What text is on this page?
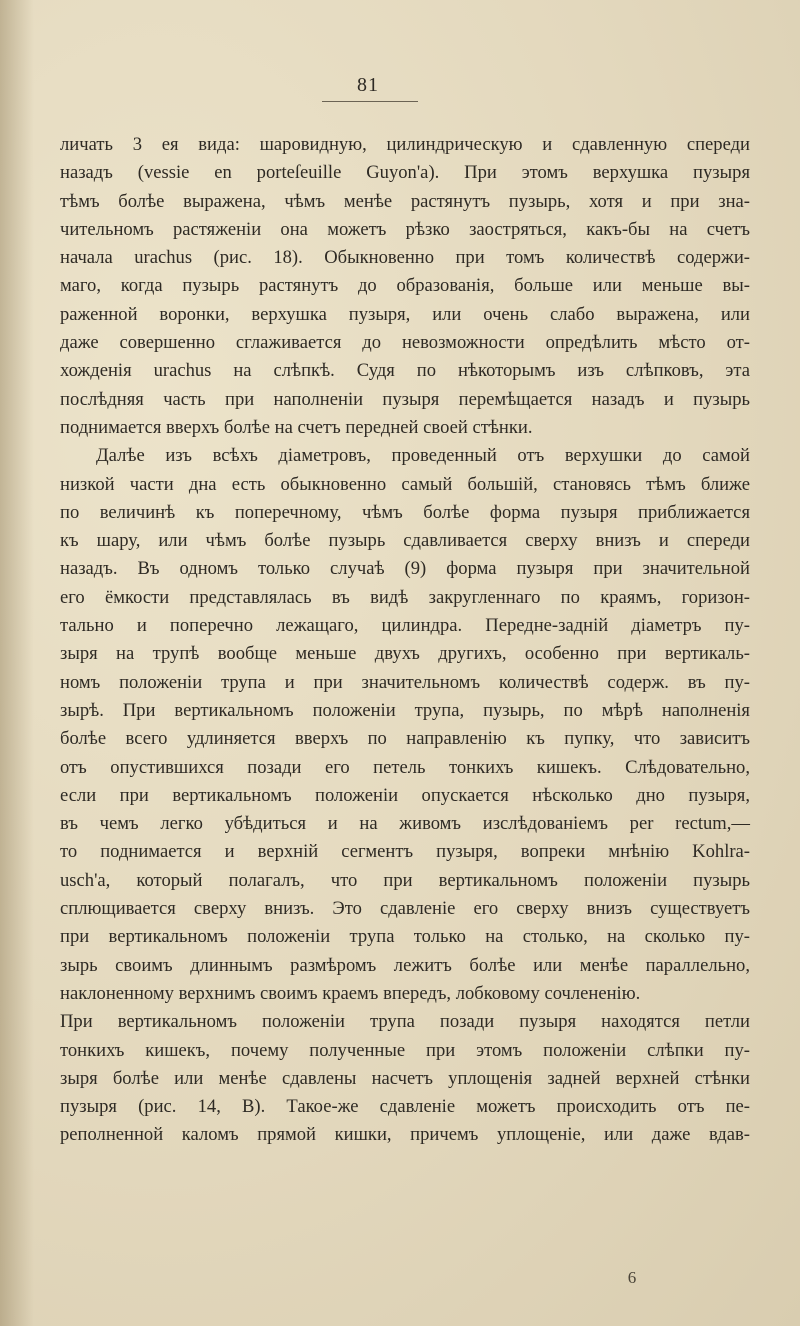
81
личать 3 ея вида: шаровидную, цилиндрическую и сдавленную спереди
назадъ (vessie en porteſeuille Guyon'a). При этомъ верхушка пузыря
тѣмъ болѣе выражена, чѣмъ менѣе растянутъ пузырь, хотя и при зна-
чительномъ растяженіи она можетъ рѣзко заостряться, какъ-бы на счетъ
начала urachus (рис. 18). Обыкновенно при томъ количествѣ содержи-
маго, когда пузырь растянутъ до образованія, больше или меньше вы-
раженной воронки, верхушка пузыря, или очень слабо выражена, или
даже совершенно сглаживается до невозможности опредѣлить мѣсто от-
хожденія urachus на слѣпкѣ. Судя по нѣкоторымъ изъ слѣпковъ, эта
послѣдняя часть при наполненіи пузыря перемѣщается назадъ и пузырь
поднимается вверхъ болѣе на счетъ передней своей стѣнки.
Далѣе изъ всѣхъ діаметровъ, проведенный отъ верхушки до самой
низкой части дна есть обыкновенно самый большій, становясь тѣмъ ближе
по величинѣ къ поперечному, чѣмъ болѣе форма пузыря приближается
къ шару, или чѣмъ болѣе пузырь сдавливается сверху внизъ и спереди
назадъ. Въ одномъ только случаѣ (9) форма пузыря при значительной
его ёмкости представлялась въ видѣ закругленнаго по краямъ, горизон-
тально и поперечно лежащаго, цилиндра. Передне-задній діаметръ пу-
зыря на трупѣ вообще меньше двухъ другихъ, особенно при вертикаль-
номъ положеніи трупа и при значительномъ количествѣ содерж. въ пу-
зырѣ. При вертикальномъ положеніи трупа, пузырь, по мѣрѣ наполненія
болѣе всего удлиняется вверхъ по направленію къ пупку, что зависитъ
отъ опустившихся позади его петель тонкихъ кишекъ. Слѣдовательно,
если при вертикальномъ положеніи опускается нѣсколько дно пузыря,
въ чемъ легко убѣдиться и на живомъ изслѣдованіемъ per rectum,—
то поднимается и верхній сегментъ пузыря, вопреки мнѣнію Kohlra-
usch'a, который полагалъ, что при вертикальномъ положеніи пузырь
сплющивается сверху внизъ. Это сдавленіе его сверху внизъ существуетъ
при вертикальномъ положеніи трупа только на столько, на сколько пу-
зырь своимъ длиннымъ размѣромъ лежитъ болѣе или менѣе параллельно,
наклоненному верхнимъ своимъ краемъ впередъ, лобковому сочлененію.
При вертикальномъ положеніи трупа позади пузыря находятся петли
тонкихъ кишекъ, почему полученные при этомъ положеніи слѣпки пу-
зыря болѣе или менѣе сдавлены насчетъ уплощенія задней верхней стѣнки
пузыря (рис. 14, B). Такое-же сдавленіе можетъ происходить отъ пе-
реполненной каломъ прямой кишки, причемъ уплощеніе, или даже вдав-
6
